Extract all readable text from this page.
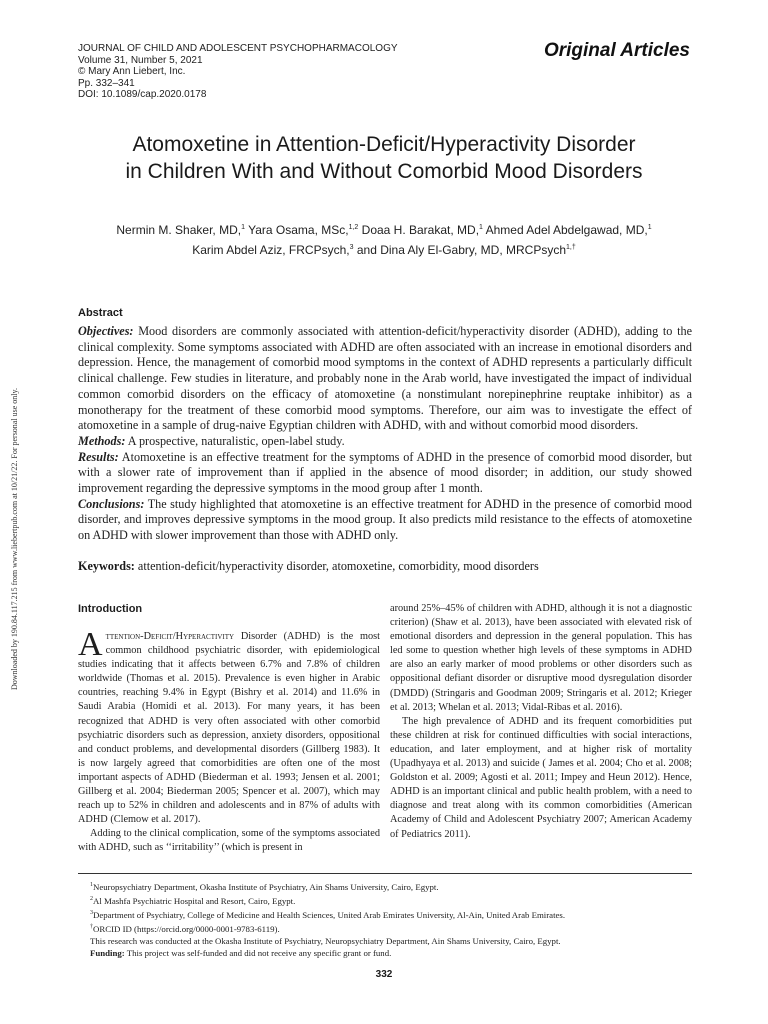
JOURNAL OF CHILD AND ADOLESCENT PSYCHOPHARMACOLOGY
Volume 31, Number 5, 2021
© Mary Ann Liebert, Inc.
Pp. 332–341
DOI: 10.1089/cap.2020.0178
Original Articles
Atomoxetine in Attention-Deficit/Hyperactivity Disorder
in Children With and Without Comorbid Mood Disorders
Nermin M. Shaker, MD,$^1$ Yara Osama, MSc,$^{1,2}$ Doaa H. Barakat, MD,$^1$ Ahmed Adel Abdelgawad, MD,$^1$
Karim Abdel Aziz, FRCPsych,$^3$ and Dina Aly El-Gabry, MD, MRCPsych$^{1,\dagger}$
Downloaded by 190.84.117.215 from www.liebertpub.com at 10/21/22. For personal use only.
Abstract

Objectives: Mood disorders are commonly associated with attention-deficit/hyperactivity disorder (ADHD), adding to the clinical complexity. Some symptoms associated with ADHD are often associated with an increase in emotional disorders and depression. Hence, the management of comorbid mood symptoms in the context of ADHD represents a particularly difficult clinical challenge. Few studies in literature, and probably none in the Arab world, have investigated the impact of individual common comorbid disorders on the efficacy of atomoxetine (a nonstimulant norepinephrine reuptake inhibitor) as a monotherapy for the treatment of these comorbid mood symptoms. Therefore, our aim was to investigate the effect of atomoxetine in a sample of drug-naive Egyptian children with ADHD, with and without comorbid mood disorders.

Methods: A prospective, naturalistic, open-label study.

Results: Atomoxetine is an effective treatment for the symptoms of ADHD in the presence of comorbid mood disorder, but with a slower rate of improvement than if applied in the absence of mood disorder; in addition, our study showed improvement regarding the depressive symptoms in the mood group after 1 month.

Conclusions: The study highlighted that atomoxetine is an effective treatment for ADHD in the presence of comorbid mood disorder, and improves depressive symptoms in the mood group. It also predicts mild resistance to the effects of atomoxetine on ADHD with slower improvement than those with ADHD only.

Keywords: attention-deficit/hyperactivity disorder, atomoxetine, comorbidity, mood disorders
Introduction

Attention-Deficit/Hyperactivity Disorder (ADHD) is the most common childhood psychiatric disorder, with epidemiological studies indicating that it affects between 6.7% and 7.8% of children worldwide (Thomas et al. 2015). Prevalence is even higher in Arabic countries, reaching 9.4% in Egypt (Bishry et al. 2014) and 11.6% in Saudi Arabia (Homidi et al. 2013). For many years, it has been recognized that ADHD is very often associated with other comorbid psychiatric disorders such as depression, anxiety disorders, oppositional and conduct problems, and developmental disorders (Gillberg 1983). It is now largely agreed that comorbidities are often one of the most important aspects of ADHD (Biederman et al. 1993; Jensen et al. 2001; Gillberg et al. 2004; Biederman 2005; Spencer et al. 2007), which may reach up to 52% in children and adolescents and in 87% of adults with ADHD (Clemow et al. 2017).

Adding to the clinical complication, some of the symptoms associated with ADHD, such as ‘‘irritability’’ (which is present in

around 25%–45% of children with ADHD, although it is not a diagnostic criterion) (Shaw et al. 2013), have been associated with elevated risk of emotional disorders and depression in the general population. This has led some to question whether high levels of these symptoms in ADHD are also an early marker of mood problems or other disorders such as oppositional defiant disorder or disruptive mood dysregulation disorder (DMDD) (Stringaris and Goodman 2009; Stringaris et al. 2012; Krieger et al. 2013; Whelan et al. 2013; Vidal-Ribas et al. 2016).

The high prevalence of ADHD and its frequent comorbidities put these children at risk for continued difficulties with social interactions, education, and later employment, and at higher risk of mortality (Upadhyaya et al. 2013) and suicide ( James et al. 2004; Cho et al. 2008; Goldston et al. 2009; Agosti et al. 2011; Impey and Heun 2012). Hence, ADHD is an important clinical and public health problem, with a need to diagnose and treat along with its common comorbidities (American Academy of Child and Adolescent Psychiatry 2007; American Academy of Pediatrics 2011).

$^1$Neuropsychiatry Department, Okasha Institute of Psychiatry, Ain Shams University, Cairo, Egypt.
$^2$Al Mashfa Psychiatric Hospital and Resort, Cairo, Egypt.
$^3$Department of Psychiatry, College of Medicine and Health Sciences, United Arab Emirates University, Al-Ain, United Arab Emirates.
†ORCID ID (https://orcid.org/0000-0001-9783-6119).
This research was conducted at the Okasha Institute of Psychiatry, Neuropsychiatry Department, Ain Shams University, Cairo, Egypt.
Funding: This project was self-funded and did not receive any specific grant or fund.
332
